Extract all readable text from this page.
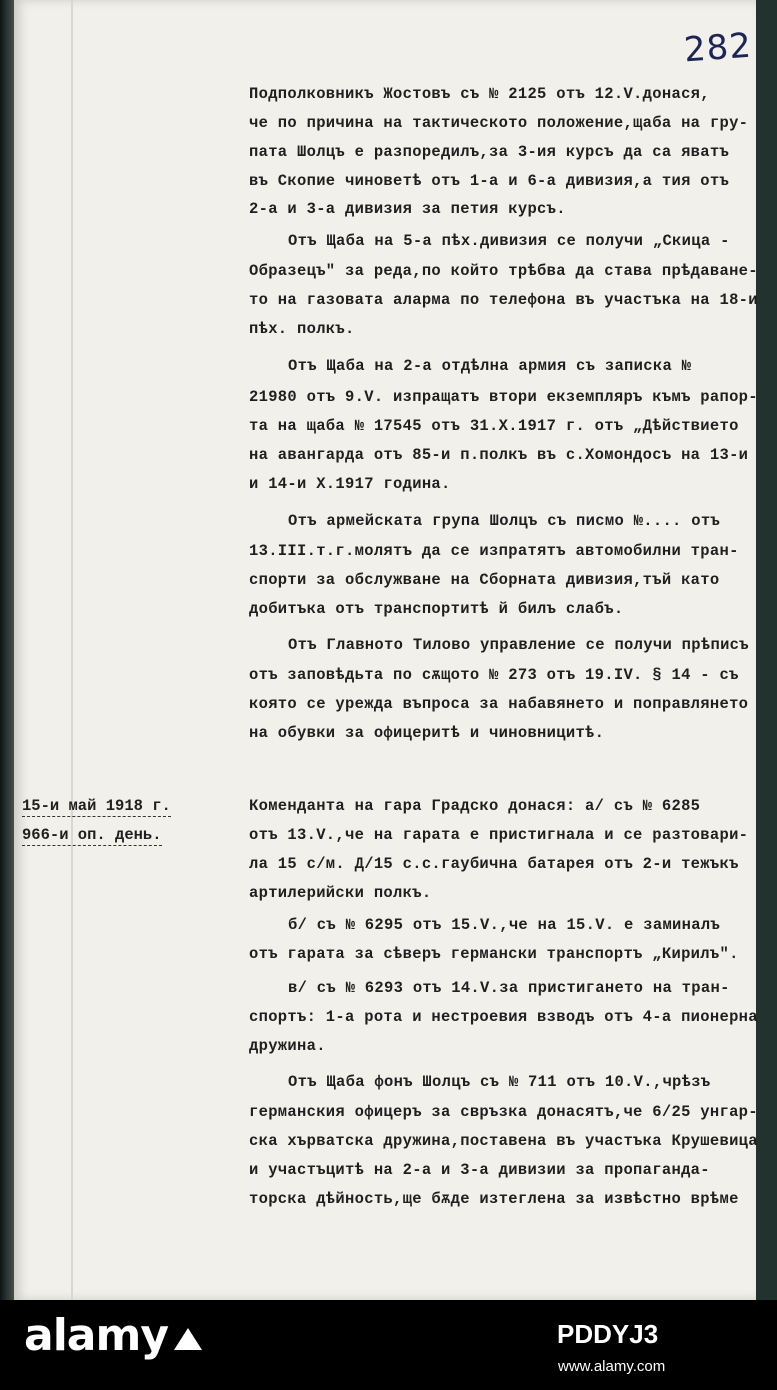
282
Подполковникъ Жостовъ съ № 2125 отъ 12.V.донася,
че по причина на тактическото положение,щаба на гру-
пата Шолцъ е разпоредилъ,за 3-ия курсъ да са яватъ
въ Скопие чиноветѣ отъ 1-а и 6-а дивизия,а тия отъ
2-а и 3-а дивизия за петия курсъ.
Отъ Щаба на 5-а пѣх.дивизия се получи „Скица -
Образецъ" за реда,по който трѣбва да става прѣдаване-
то на газовата аларма по телефона въ участъка на 18-и
пѣх. полкъ.
Отъ Щаба на 2-а отдѣлна армия съ записка №
21980 отъ 9.V. изпращатъ втори екземпляръ къмъ рапор-
та на щаба № 17545 отъ 31.X.1917 г. отъ „Дѣйствието
на авангарда отъ 85-и п.полкъ въ с.Хомондосъ на 13-и
и 14-и X.1917 година.
Отъ армейската група Шолцъ съ писмо №.... отъ
13.III.т.г.молятъ да се изпратятъ автомобилни тран-
спорти за обслужване на Сборната дивизия,тъй като
добитъка отъ транспортитѣ й билъ слабъ.
Отъ Главното Тилово управление се получи прѣписъ
отъ заповѣдьта по сѫщото № 273 отъ 19.IV. § 14 - съ
която се урежда въпроса за набавянето и поправлянето
на обувки за офицеритѣ и чиновницитѣ.
Коменданта на гара Градско донася: а/ съ № 6285
отъ 13.V.,че на гарата е пристигнала и се разтовари-
ла 15 с/м. Д/15 с.с.гаубична батарея отъ 2-и тежъкъ
артилерийски полкъ.
б/ съ № 6295 отъ 15.V.,че на 15.V. е заминалъ
отъ гарата за сѣверъ германски транспортъ „Кирилъ".
в/ съ № 6293 отъ 14.V.за пристигането на тран-
спортъ: 1-а рота и нестроевия взводъ отъ 4-а пионерна
дружина.
Отъ Щаба фонъ Шолцъ съ № 711 отъ 10.V.,чрѣзъ
германския офицеръ за свръзка донасятъ,че 6/25 унгар-
ска хърватска дружина,поставена въ участъка Крушевица
и участъцитѣ на 2-а и 3-а дивизии за пропаганда-
торска дѣйность,ще бѫде изтеглена за извѣстно врѣме
15-и май 1918 г.
966-и оп. день.
alamy	PDDYJ3
www.alamy.com
